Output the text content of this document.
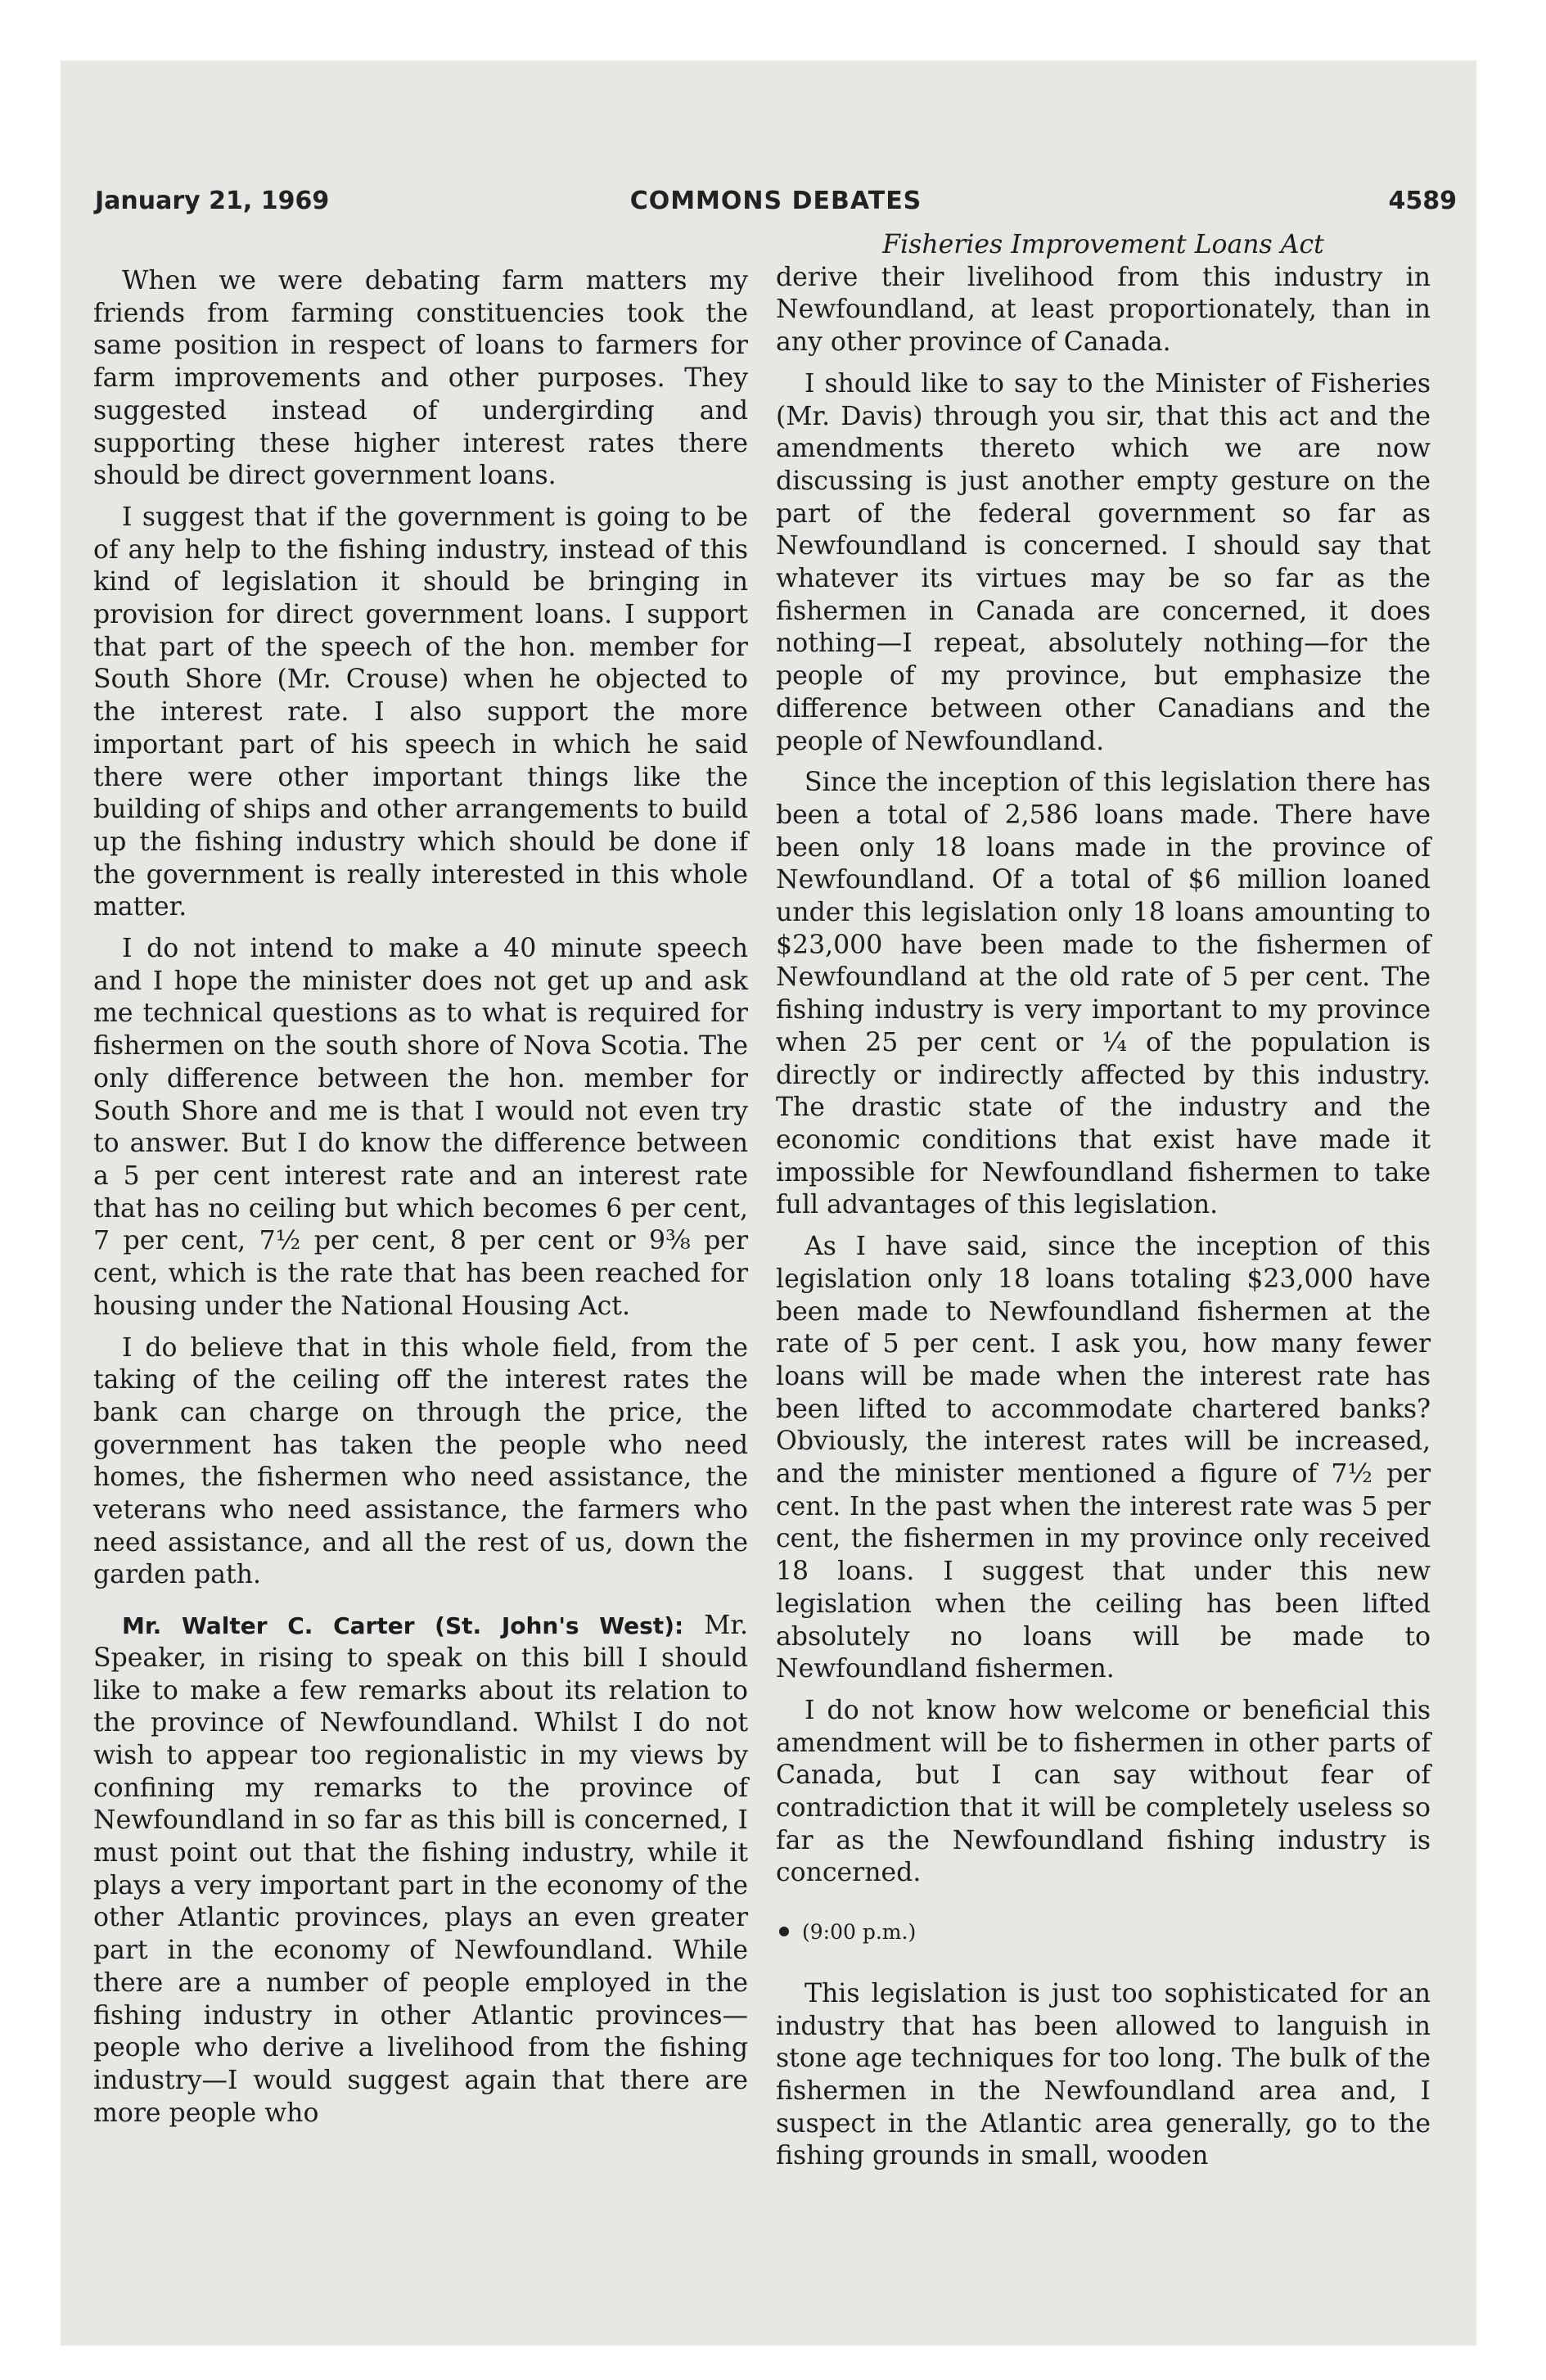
January 21, 1969	COMMONS DEBATES	4589

When we were debating farm matters my friends from farming constituencies took the same position in respect of loans to farmers for farm improvements and other purposes. They suggested instead of undergirding and supporting these higher interest rates there should be direct government loans.

I suggest that if the government is going to be of any help to the fishing industry, instead of this kind of legislation it should be bringing in provision for direct government loans. I support that part of the speech of the hon. member for South Shore (Mr. Crouse) when he objected to the interest rate. I also support the more important part of his speech in which he said there were other important things like the building of ships and other arrangements to build up the fishing industry which should be done if the government is really interested in this whole matter.

I do not intend to make a 40 minute speech and I hope the minister does not get up and ask me technical questions as to what is required for fishermen on the south shore of Nova Scotia. The only difference between the hon. member for South Shore and me is that I would not even try to answer. But I do know the difference between a 5 per cent interest rate and an interest rate that has no ceiling but which becomes 6 per cent, 7 per cent, 7½ per cent, 8 per cent or 9⅜ per cent, which is the rate that has been reached for housing under the National Housing Act.

I do believe that in this whole field, from the taking of the ceiling off the interest rates the bank can charge on through the price, the government has taken the people who need homes, the fishermen who need assistance, the veterans who need assistance, the farmers who need assistance, and all the rest of us, down the garden path.

Mr. Walter C. Carter (St. John's West): Mr. Speaker, in rising to speak on this bill I should like to make a few remarks about its relation to the province of Newfoundland. Whilst I do not wish to appear too regionalistic in my views by confining my remarks to the province of Newfoundland in so far as this bill is concerned, I must point out that the fishing industry, while it plays a very important part in the economy of the other Atlantic provinces, plays an even greater part in the economy of Newfoundland. While there are a number of people employed in the fishing industry in other Atlantic provinces—people who derive a livelihood from the fishing industry—I would suggest again that there are more people who

Fisheries Improvement Loans Act

derive their livelihood from this industry in Newfoundland, at least proportionately, than in any other province of Canada.

I should like to say to the Minister of Fisheries (Mr. Davis) through you sir, that this act and the amendments thereto which we are now discussing is just another empty gesture on the part of the federal government so far as Newfoundland is concerned. I should say that whatever its virtues may be so far as the fishermen in Canada are concerned, it does nothing—I repeat, absolutely nothing—for the people of my province, but emphasize the difference between other Canadians and the people of Newfoundland.

Since the inception of this legislation there has been a total of 2,586 loans made. There have been only 18 loans made in the province of Newfoundland. Of a total of $6 million loaned under this legislation only 18 loans amounting to $23,000 have been made to the fishermen of Newfoundland at the old rate of 5 per cent. The fishing industry is very important to my province when 25 per cent or ¼ of the population is directly or indirectly affected by this industry. The drastic state of the industry and the economic conditions that exist have made it impossible for Newfoundland fishermen to take full advantages of this legislation.

As I have said, since the inception of this legislation only 18 loans totaling $23,000 have been made to Newfoundland fishermen at the rate of 5 per cent. I ask you, how many fewer loans will be made when the interest rate has been lifted to accommodate chartered banks? Obviously, the interest rates will be increased, and the minister mentioned a figure of 7½ per cent. In the past when the interest rate was 5 per cent, the fishermen in my province only received 18 loans. I suggest that under this new legislation when the ceiling has been lifted absolutely no loans will be made to Newfoundland fishermen.

I do not know how welcome or beneficial this amendment will be to fishermen in other parts of Canada, but I can say without fear of contradiction that it will be completely useless so far as the Newfoundland fishing industry is concerned.

(9:00 p.m.)

This legislation is just too sophisticated for an industry that has been allowed to languish in stone age techniques for too long. The bulk of the fishermen in the Newfoundland area and, I suspect in the Atlantic area generally, go to the fishing grounds in small, wooden
